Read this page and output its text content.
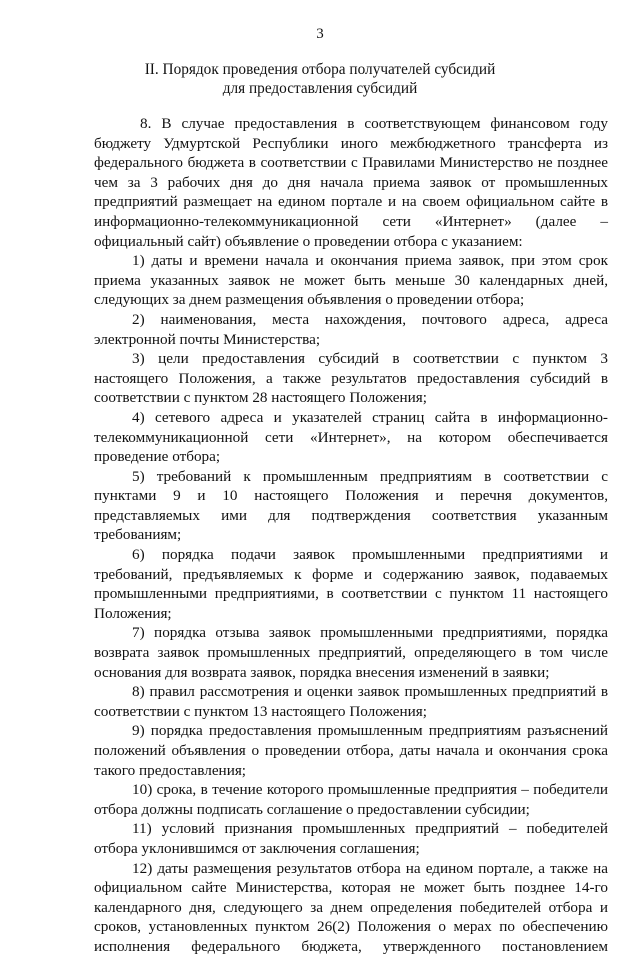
3
II. Порядок проведения отбора получателей субсидий
для предоставления субсидий

8. В случае предоставления в соответствующем финансовом году бюджету Удмуртской Республики иного межбюджетного трансферта из федерального бюджета в соответствии с Правилами Министерство не позднее чем за 3 рабочих дня до дня начала приема заявок от промышленных предприятий размещает на едином портале и на своем официальном сайте в информационно-телекоммуникационной сети «Интернет» (далее – официальный сайт) объявление о проведении отбора с указанием:

1) даты и времени начала и окончания приема заявок, при этом срок приема указанных заявок не может быть меньше 30 календарных дней, следующих за днем размещения объявления о проведении отбора;

2) наименования, места нахождения, почтового адреса, адреса электронной почты Министерства;

3) цели предоставления субсидий в соответствии с пунктом 3 настоящего Положения, а также результатов предоставления субсидий в соответствии с пунктом 28 настоящего Положения;

4) сетевого адреса и указателей страниц сайта в информационно-телекоммуникационной сети «Интернет», на котором обеспечивается проведение отбора;

5) требований к промышленным предприятиям в соответствии с пунктами 9 и 10 настоящего Положения и перечня документов, представляемых ими для подтверждения соответствия указанным требованиям;

6) порядка подачи заявок промышленными предприятиями и требований, предъявляемых к форме и содержанию заявок, подаваемых промышленными предприятиями, в соответствии с пунктом 11 настоящего Положения;

7) порядка отзыва заявок промышленными предприятиями, порядка возврата заявок промышленных предприятий, определяющего в том числе основания для возврата заявок, порядка внесения изменений в заявки;

8) правил рассмотрения и оценки заявок промышленных предприятий в соответствии с пунктом 13 настоящего Положения;

9) порядка предоставления промышленным предприятиям разъяснений положений объявления о проведении отбора, даты начала и окончания срока такого предоставления;

10) срока, в течение которого промышленные предприятия – победители отбора должны подписать соглашение о предоставлении субсидии;

11) условий признания промышленных предприятий – победителей отбора уклонившимся от заключения соглашения;

12) даты размещения результатов отбора на едином портале, а также на официальном сайте Министерства, которая не может быть позднее 14-го календарного дня, следующего за днем определения победителей отбора и сроков, установленных пунктом 26(2) Положения о мерах по обеспечению исполнения федерального бюджета, утвержденного постановлением
